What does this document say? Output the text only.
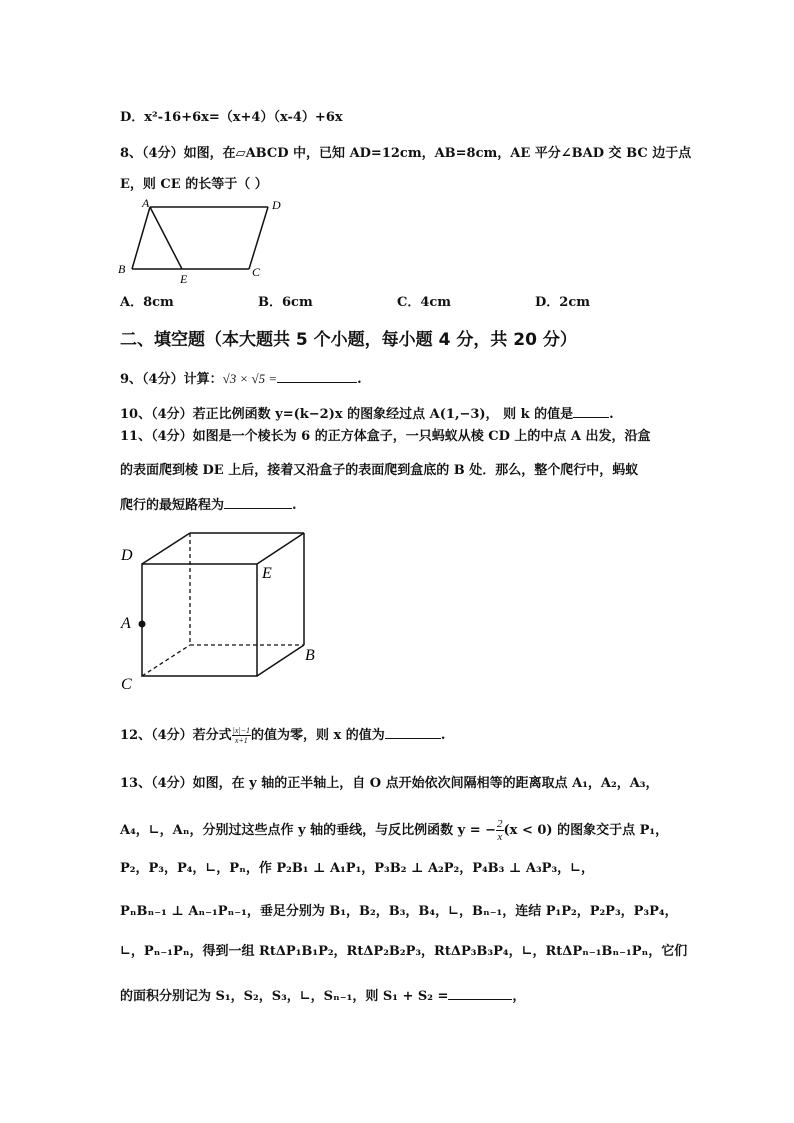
D．x²-16+6x=（x+4）（x-4）+6x
8、（4分）如图，在▱ABCD 中，已知 AD=12cm，AB=8cm，AE 平分∠BAD 交 BC 边于点
E，则 CE 的长等于（ ）
A	D
B
E	C
A．8cm	B．6cm	C．4cm	D．2cm
二、填空题（本大题共 5 个小题，每小题 4 分，共 20 分）
9、（4分）计算：√3 × √5 =	.
10、（4分）若正比例函数 y=(k−2)x 的图象经过点 A(1,−3)， 则 k 的值是	.
11、（4分）如图是一个棱长为 6 的正方体盒子，一只蚂蚁从棱 CD 上的中点 A 出发，沿盒
的表面爬到棱 DE 上后，接着又沿盒子的表面爬到盒底的 B 处．那么，整个爬行中，蚂蚁
爬行的最短路程为	.
D
E
A
B
C
12、（4分）若分式 $\frac{|x|-1}{x+1}$ 的值为零，则 x 的值为	.
13、（4分）如图，在 y 轴的正半轴上，自 O 点开始依次间隔相等的距离取点 A₁，A₂，A₃，
A₄，∟，Aₙ，分别过这些点作 y 轴的垂线，与反比例函数 y = − $\frac{2}{x} (x < 0)$ 的图象交于点 P₁，
P₂，P₃，P₄，∟，Pₙ，作 P₂B₁ ⊥ A₁P₁，P₃B₂ ⊥ A₂P₂，P₄B₃ ⊥ A₃P₃，∟，
PₙBₙ₋₁ ⊥ Aₙ₋₁Pₙ₋₁，垂足分别为 B₁，B₂，B₃，B₄，∟，Bₙ₋₁，连结 P₁P₂，P₂P₃，P₃P₄，
∟，Pₙ₋₁Pₙ，得到一组 RtΔP₁B₁P₂，RtΔP₂B₂P₃，RtΔP₃B₃P₄，∟，RtΔPₙ₋₁Bₙ₋₁Pₙ，它们
的面积分别记为 S₁，S₂，S₃，∟，Sₙ₋₁，则 S₁ + S₂ =	，
